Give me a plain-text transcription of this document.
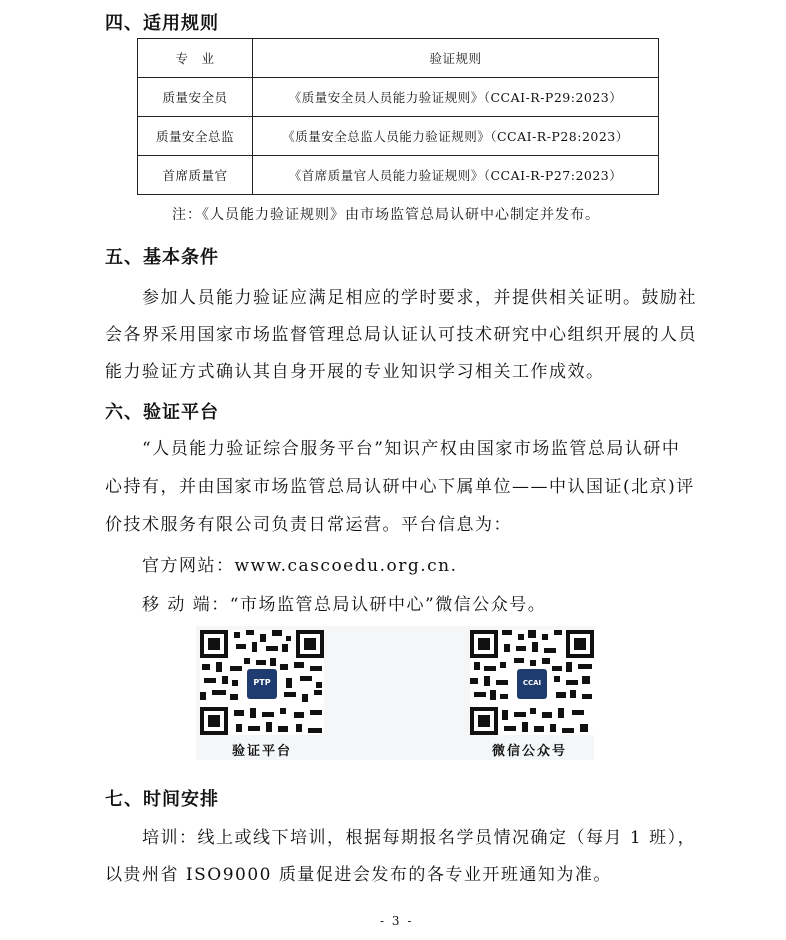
四、适用规则
专　业	验证规则
质量安全员	《质量安全员人员能力验证规则》（CCAI-R-P29:2023）
质量安全总监	《质量安全总监人员能力验证规则》（CCAI-R-P28:2023）
首席质量官	《首席质量官人员能力验证规则》（CCAI-R-P27:2023）
注：《人员能力验证规则》由市场监管总局认研中心制定并发布。
五、基本条件
参加人员能力验证应满足相应的学时要求，并提供相关证明。鼓励社
会各界采用国家市场监督管理总局认证认可技术研究中心组织开展的人员
能力验证方式确认其自身开展的专业知识学习相关工作成效。
六、验证平台
“人员能力验证综合服务平台”知识产权由国家市场监管总局认研中
心持有，并由国家市场监管总局认研中心下属单位——中认国证(北京)评
价技术服务有限公司负责日常运营。平台信息为：
官方网站：www.cascoedu.org.cn.
移 动 端：“市场监管总局认研中心”微信公众号。
PTP
验证平台
CCAI
微信公众号
七、时间安排
培训：线上或线下培训，根据每期报名学员情况确定（每月 1 班），
以贵州省 ISO9000 质量促进会发布的各专业开班通知为准。
- 3 -
